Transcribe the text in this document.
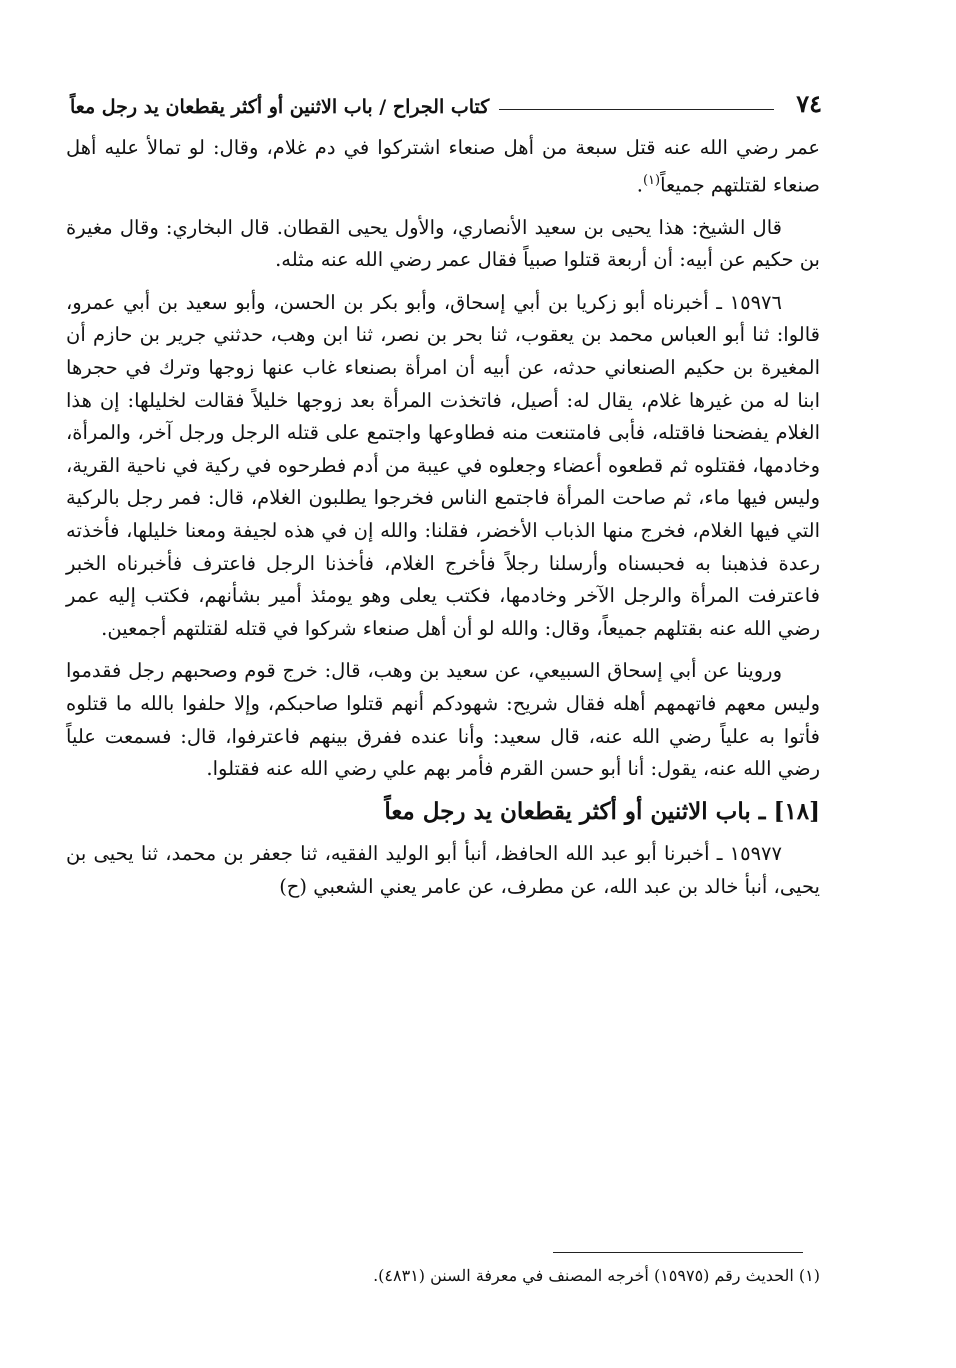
٧٤
كتاب الجراح / باب الاثنين أو أكثر يقطعان يد رجل معاً

عمر رضي الله عنه قتل سبعة من أهل صنعاء اشتركوا في دم غلام، وقال: لو تمالأ عليه أهل صنعاء لقتلتهم جميعاً$^{(١)}$.

قال الشيخ: هذا يحيى بن سعيد الأنصاري، والأول يحيى القطان. قال البخاري: وقال مغيرة بن حكيم عن أبيه: أن أربعة قتلوا صبياً فقال عمر رضي الله عنه مثله.

١٥٩٧٦ ـ أخبرناه أبو زكريا بن أبي إسحاق، وأبو بكر بن الحسن، وأبو سعيد بن أبي عمرو، قالوا: ثنا أبو العباس محمد بن يعقوب، ثنا بحر بن نصر، ثنا ابن وهب، حدثني جرير بن حازم أن المغيرة بن حكيم الصنعاني حدثه، عن أبيه أن امرأة بصنعاء غاب عنها زوجها وترك في حجرها ابنا له من غيرها غلام، يقال له: أصيل، فاتخذت المرأة بعد زوجها خليلاً فقالت لخليلها: إن هذا الغلام يفضحنا فاقتله، فأبى فامتنعت منه فطاوعها واجتمع على قتله الرجل ورجل آخر، والمرأة، وخادمها، فقتلوه ثم قطعوه أعضاء وجعلوه في عيبة من أدم فطرحوه في ركية في ناحية القرية، وليس فيها ماء، ثم صاحت المرأة فاجتمع الناس فخرجوا يطلبون الغلام، قال: فمر رجل بالركية التي فيها الغلام، فخرج منها الذباب الأخضر، فقلنا: والله إن في هذه لجيفة ومعنا خليلها، فأخذته رعدة فذهبنا به فحبسناه وأرسلنا رجلاً فأخرج الغلام، فأخذنا الرجل فاعترف فأخبرناه الخبر فاعترفت المرأة والرجل الآخر وخادمها، فكتب يعلى وهو يومئذ أمير بشأنهم، فكتب إليه عمر رضي الله عنه بقتلهم جميعاً، وقال: والله لو أن أهل صنعاء شركوا في قتله لقتلتهم أجمعين.

وروينا عن أبي إسحاق السبيعي، عن سعيد بن وهب، قال: خرج قوم وصحبهم رجل فقدموا وليس معهم فاتهمهم أهله فقال شريح: شهودكم أنهم قتلوا صاحبكم، وإلا حلفوا بالله ما قتلوه فأتوا به علياً رضي الله عنه، قال سعيد: وأنا عنده ففرق بينهم فاعترفوا، قال: فسمعت علياً رضي الله عنه، يقول: أنا أبو حسن القرم فأمر بهم علي رضي الله عنه فقتلوا.

[١٨] ـ باب الاثنين أو أكثر يقطعان يد رجل معاً

١٥٩٧٧ ـ أخبرنا أبو عبد الله الحافظ، أنبأ أبو الوليد الفقيه، ثنا جعفر بن محمد، ثنا يحيى بن يحيى، أنبأ خالد بن عبد الله، عن مطرف، عن عامر يعني الشعبي (ح)

(١) الحديث رقم (١٥٩٧٥) أخرجه المصنف في معرفة السنن (٤٨٣١).
